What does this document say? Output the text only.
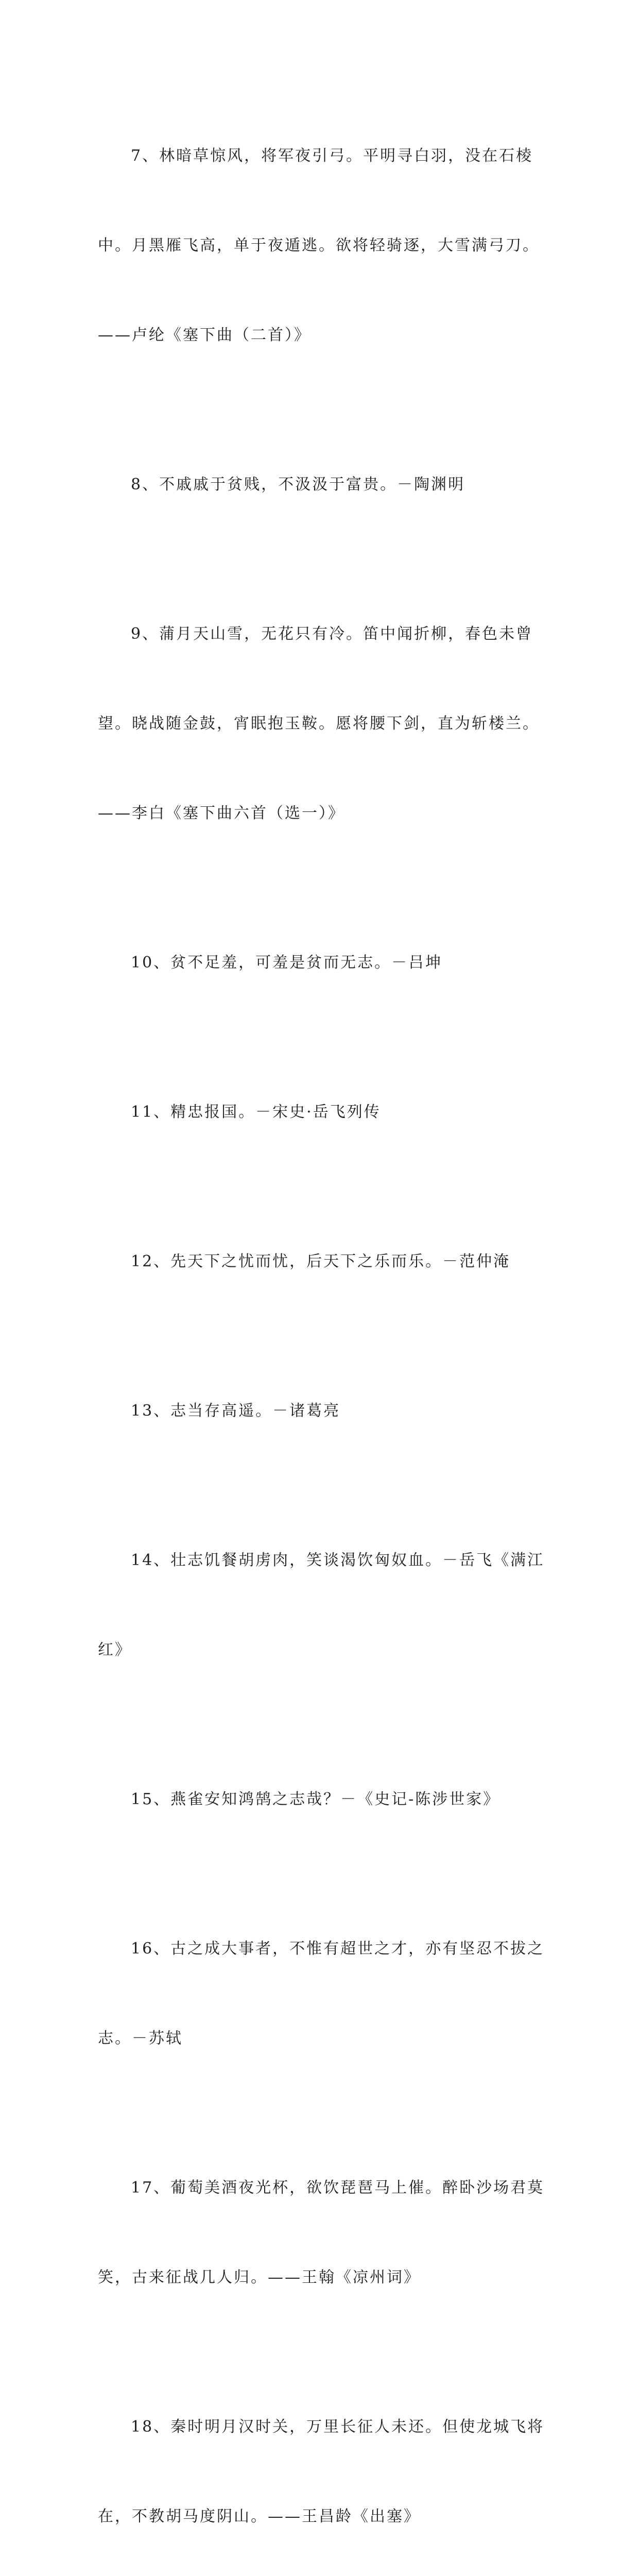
7、林暗草惊风，将军夜引弓。平明寻白羽，没在石棱

中。月黑雁飞高，单于夜遁逃。欲将轻骑逐，大雪满弓刀。

——卢纶《塞下曲（二首）》

8、不戚戚于贫贱，不汲汲于富贵。－陶渊明

9、蒲月天山雪，无花只有冷。笛中闻折柳，春色未曾

望。晓战随金鼓，宵眠抱玉鞍。愿将腰下剑，直为斩楼兰。

——李白《塞下曲六首（选一）》

10、贫不足羞，可羞是贫而无志。－吕坤

11、精忠报国。－宋史·岳飞列传

12、先天下之忧而忧，后天下之乐而乐。－范仲淹

13、志当存高遥。－诸葛亮

14、壮志饥餐胡虏肉，笑谈渴饮匈奴血。－岳飞《满江

红》

15、燕雀安知鸿鹄之志哉？－《史记-陈涉世家》

16、古之成大事者，不惟有超世之才，亦有坚忍不拔之

志。－苏轼

17、葡萄美酒夜光杯，欲饮琵琶马上催。醉卧沙场君莫

笑，古来征战几人归。——王翰《凉州词》

18、秦时明月汉时关，万里长征人未还。但使龙城飞将

在，不教胡马度阴山。——王昌龄《出塞》
